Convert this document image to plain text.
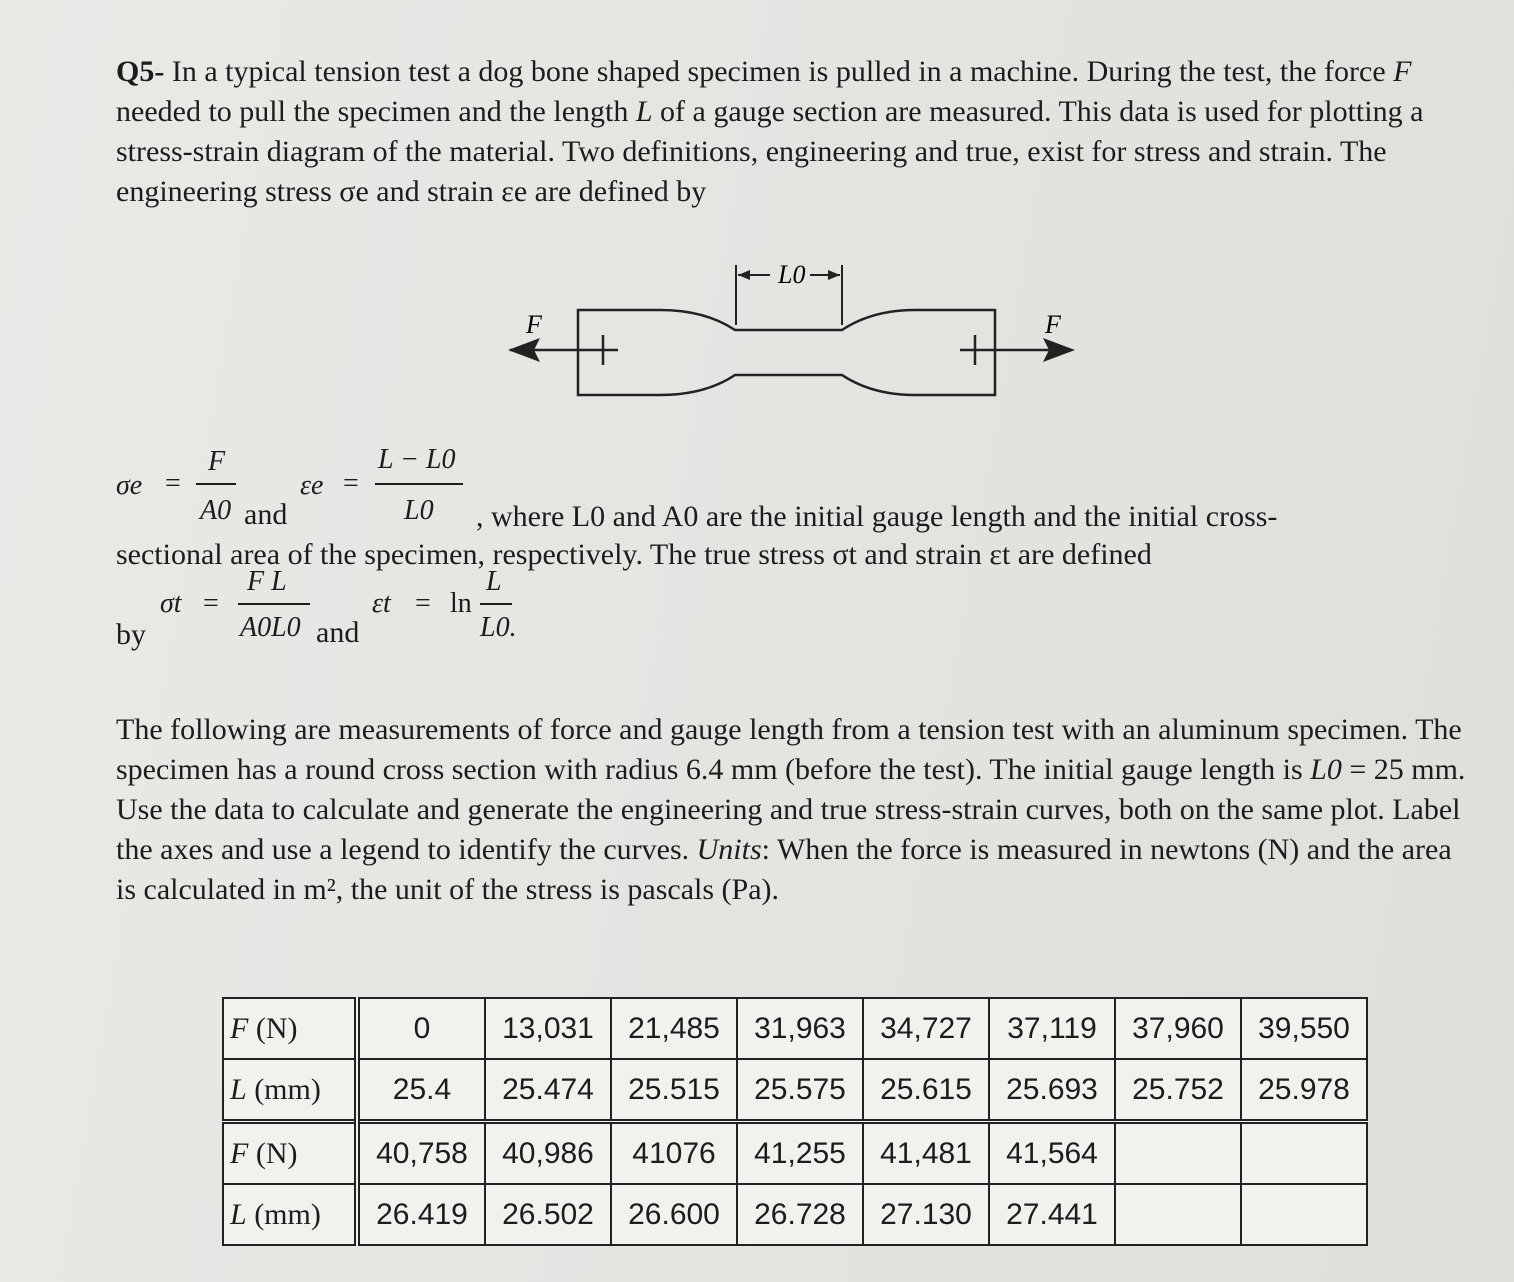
Q5- In a typical tension test a dog bone shaped specimen is pulled in a machine. During the test, the force F needed to pull the specimen and the length L of a gauge section are measured. This data is used for plotting a stress-strain diagram of the material. Two definitions, engineering and true, exist for stress and strain. The engineering stress σe and strain εe are defined by
L0
F	F
σe =
F
A0 and
εe =
L − L0
L0 , where L0 and A0 are the initial gauge length and the initial cross-
sectional area of the specimen, respectively. The true stress σt and strain εt are defined
σt =
F L
A0L0
by	and
εt = ln
L
L0.
The following are measurements of force and gauge length from a tension test with an aluminum specimen. The specimen has a round cross section with radius 6.4 mm (before the test). The initial gauge length is L0 = 25 mm. Use the data to calculate and generate the engineering and true stress-strain curves, both on the same plot. Label the axes and use a legend to identify the curves. Units: When the force is measured in newtons (N) and the area is calculated in m², the unit of the stress is pascals (Pa).
F (N)	0	13,031	21,485	31,963	34,727	37,119	37,960	39,550
L (mm)	25.4	25.474	25.515	25.575	25.615	25.693	25.752	25.978
F (N)	40,758	40,986	41076	41,255	41,481	41,564		
L (mm)	26.419	26.502	26.600	26.728	27.130	27.441		
